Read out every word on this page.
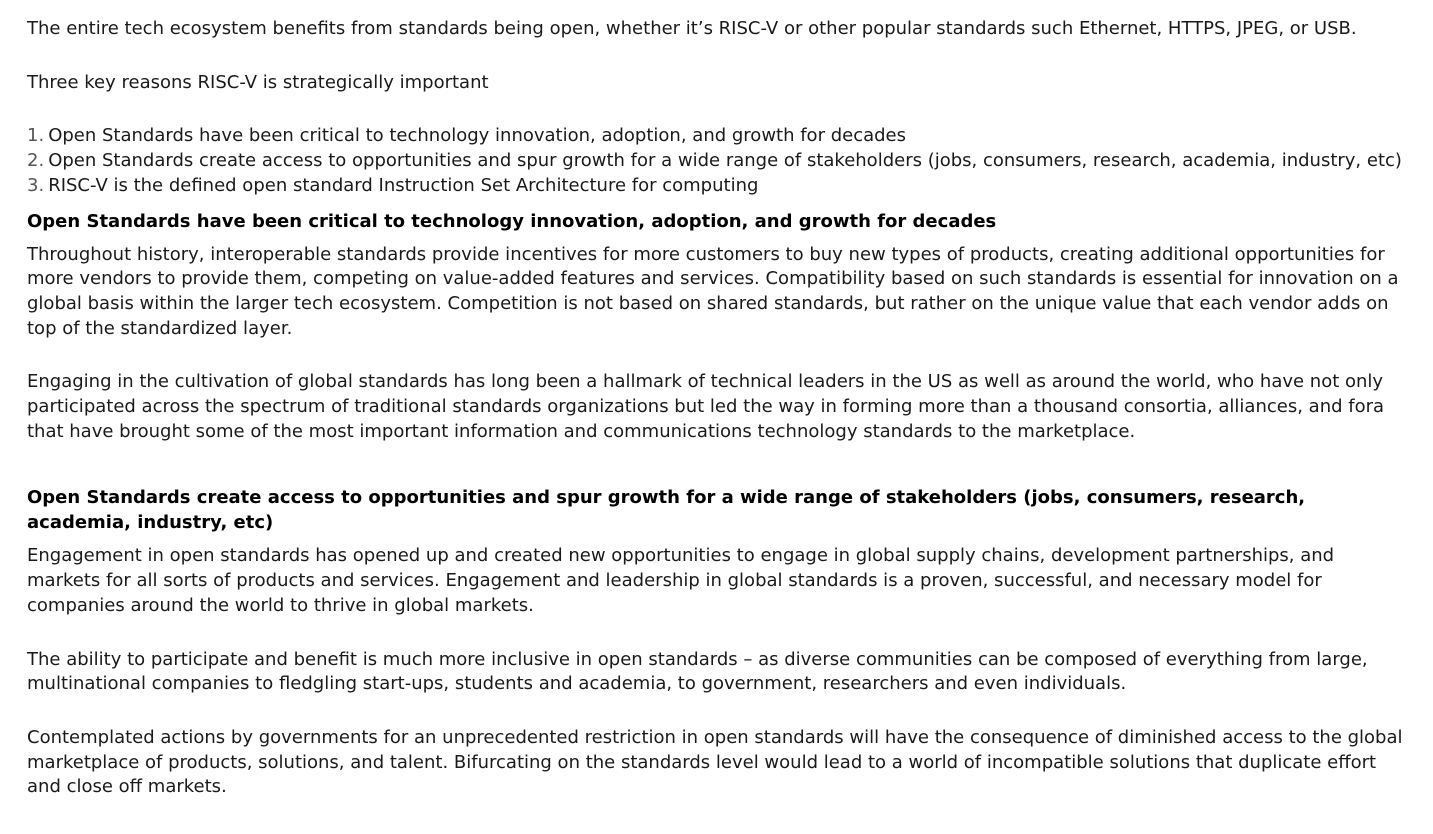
The entire tech ecosystem benefits from standards being open, whether it’s RISC-V or other popular standards such Ethernet, HTTPS, JPEG, or USB.

Three key reasons RISC-V is strategically important

1. Open Standards have been critical to technology innovation, adoption, and growth for decades
2. Open Standards create access to opportunities and spur growth for a wide range of stakeholders (jobs, consumers, research, academia, industry, etc)
3. RISC-V is the defined open standard Instruction Set Architecture for computing
Open Standards have been critical to technology innovation, adoption, and growth for decades

Throughout history, interoperable standards provide incentives for more customers to buy new types of products, creating additional opportunities for more vendors to provide them, competing on value-added features and services. Compatibility based on such standards is essential for innovation on a global basis within the larger tech ecosystem. Competition is not based on shared standards, but rather on the unique value that each vendor adds on top of the standardized layer.

Engaging in the cultivation of global standards has long been a hallmark of technical leaders in the US as well as around the world, who have not only participated across the spectrum of traditional standards organizations but led the way in forming more than a thousand consortia, alliances, and fora that have brought some of the most important information and communications technology standards to the marketplace.

Open Standards create access to opportunities and spur growth for a wide range of stakeholders (jobs, consumers, research, academia, industry, etc)

Engagement in open standards has opened up and created new opportunities to engage in global supply chains, development partnerships, and markets for all sorts of products and services. Engagement and leadership in global standards is a proven, successful, and necessary model for companies around the world to thrive in global markets.

The ability to participate and benefit is much more inclusive in open standards – as diverse communities can be composed of everything from large, multinational companies to fledgling start-ups, students and academia, to government, researchers and even individuals.

Contemplated actions by governments for an unprecedented restriction in open standards will have the consequence of diminished access to the global marketplace of products, solutions, and talent. Bifurcating on the standards level would lead to a world of incompatible solutions that duplicate effort and close off markets.
